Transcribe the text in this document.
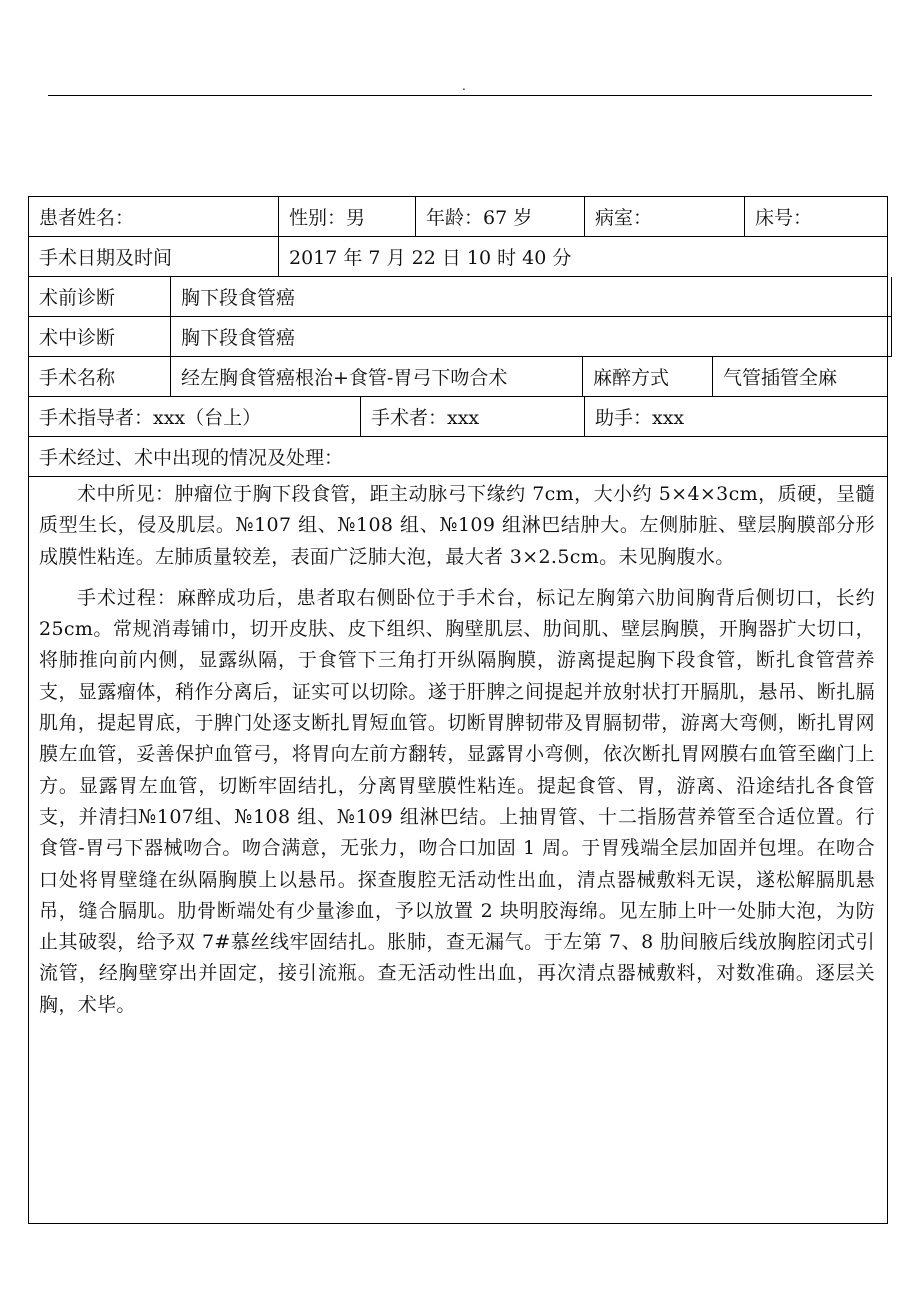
.
患者姓名：	性别：男	年龄：67 岁	病室：	床号：
手术日期及时间	2017 年 7 月 22 日 10 时 40 分
术前诊断	胸下段食管癌
术中诊断	胸下段食管癌
手术名称	经左胸食管癌根治+食管-胃弓下吻合术	麻醉方式	气管插管全麻
手术指导者：xxx（台上）	手术者：xxx	助手：xxx
手术经过、术中出现的情况及处理：

术中所见：肿瘤位于胸下段食管，距主动脉弓下缘约 7cm，大小约 5×4×3cm，质硬，呈髓质型生长，侵及肌层。№107 组、№108 组、№109 组淋巴结肿大。左侧肺脏、壁层胸膜部分形成膜性粘连。左肺质量较差，表面广泛肺大泡，最大者 3×2.5cm。未见胸腹水。

手术过程：麻醉成功后，患者取右侧卧位于手术台，标记左胸第六肋间胸背后侧切口，长约 25cm。常规消毒铺巾，切开皮肤、皮下组织、胸壁肌层、肋间肌、壁层胸膜，开胸器扩大切口，将肺推向前内侧，显露纵隔，于食管下三角打开纵隔胸膜，游离提起胸下段食管，断扎食管营养支，显露瘤体，稍作分离后，证实可以切除。遂于肝脾之间提起并放射状打开膈肌，悬吊、断扎膈肌角，提起胃底，于脾门处逐支断扎胃短血管。切断胃脾韧带及胃膈韧带，游离大弯侧，断扎胃网膜左血管，妥善保护血管弓，将胃向左前方翻转，显露胃小弯侧，依次断扎胃网膜右血管至幽门上方。显露胃左血管，切断牢固结扎，分离胃壁膜性粘连。提起食管、胃，游离、沿途结扎各食管支，并清扫№107组、№108 组、№109 组淋巴结。上抽胃管、十二指肠营养管至合适位置。行食管-胃弓下器械吻合。吻合满意，无张力，吻合口加固 1 周。于胃残端全层加固并包埋。在吻合口处将胃壁缝在纵隔胸膜上以悬吊。探查腹腔无活动性出血，清点器械敷料无误，遂松解膈肌悬吊，缝合膈肌。肋骨断端处有少量渗血，予以放置 2 块明胶海绵。见左肺上叶一处肺大泡，为防止其破裂，给予双 7#慕丝线牢固结扎。胀肺，查无漏气。于左第 7、8 肋间腋后线放胸腔闭式引流管，经胸壁穿出并固定，接引流瓶。查无活动性出血，再次清点器械敷料，对数准确。逐层关胸，术毕。
